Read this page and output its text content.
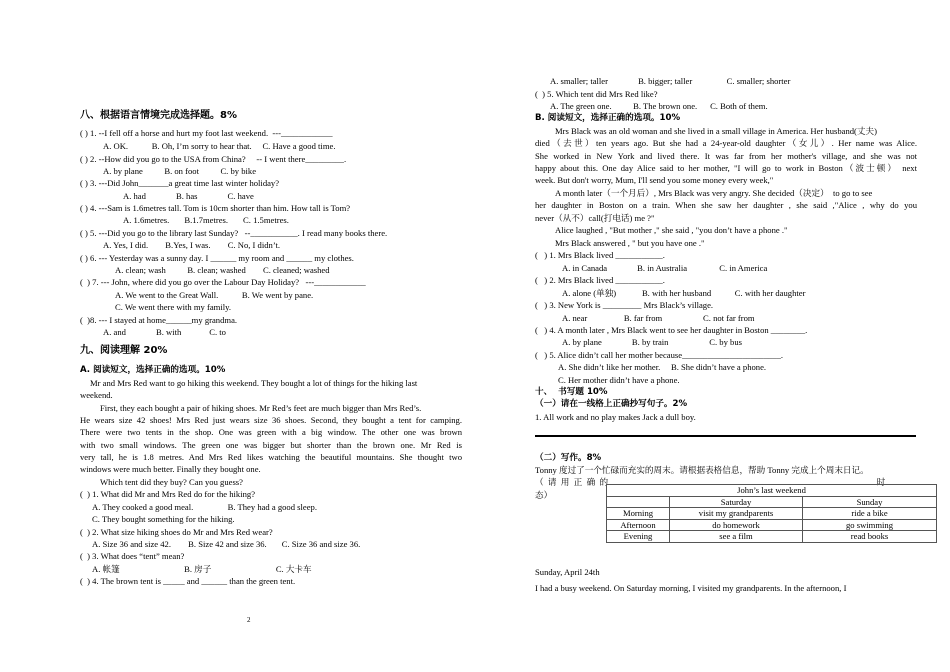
八、根据语言情境完成选择题。8%
( ) 1. --I fell off a horse and hurt my foot last weekend.  ---____________
A. OK.           B. Oh, I’m sorry to hear that.     C. Have a good time.
( ) 2. --How did you go to the USA from China?     -- I went there_________.
A. by plane          B. on foot          C. by bike
( ) 3. ---Did John_______a great time last winter holiday?
A. had              B. has              C. have
( ) 4. ---Sam is 1.6metres tall. Tom is 10cm shorter than him. How tall is Tom?
A. 1.6metres.       B.1.7metres.       C. 1.5metres.
( ) 5. ---Did you go to the library last Sunday?   --___________. I read many books there.
A. Yes, I did.        B.Yes, I was.        C. No, I didn’t.
( ) 6. --- Yesterday was a sunny day. I ______ my room and ______ my clothes.
A. clean; wash          B. clean; washed        C. cleaned; washed
(  ) 7. --- John, where did you go over the Labour Day Holiday?   ---____________
A. We went to the Great Wall.           B. We went by pane.
C. We went there with my family.
(  )8. --- I stayed at home______my grandma.
A. and              B. with             C. to
九、阅读理解 20%
A. 阅读短文，选择正确的选项。10%
Mr and Mrs Red want to go hiking this weekend. They bought a lot of things for the hiking last
weekend.
First, they each bought a pair of hiking shoes. Mr Red’s feet are much bigger than Mrs Red’s.
He wears size 42 shoes! Mrs Red just wears size 36 shoes. Second, they bought a tent for camping.
There were two tents in the shop. One was green with a big window. The other one was brown
with two small windows. The green one was bigger but shorter than the brown one. Mr Red is
very tall, he is 1.8 metres. And Mrs Red likes watching the beautiful mountains. She thought two
windows were much better. Finally they bought one.
Which tent did they buy? Can you guess?
(  ) 1. What did Mr and Mrs Red do for the hiking?
A. They cooked a good meal.                B. They had a good sleep.
C. They bought something for the hiking.
(  ) 2. What size hiking shoes do Mr and Mrs Red wear?
A. Size 36 and size 42.        B. Size 42 and size 36.       C. Size 36 and size 36.
(  ) 3. What does “tent” mean?
A. 帐篷                              B. 房子                              C. 大卡车
(  ) 4. The brown tent is _____ and ______ than the green tent.
A. smaller; taller              B. bigger; taller                C. smaller; shorter
(  ) 5. Which tent did Mrs Red like?
A. The green one.          B. The brown one.      C. Both of them.
B. 阅读短文，选择正确的选项。10%
Mrs Black was an old woman and she lived in a small village in America. Her husband(丈夫)
died（去世）ten years ago. But she had a 24-year-old daughter（女儿）. Her name was Alice.
She worked in New York and lived there. It was far from her mother's village, and she was not
happy about this. One day Alice said to her mother, "I will go to work in Boston（波士顿） next
week. But don't worry, Mum, I'll send you some money every week,"
A month later（一个月后）, Mrs Black was very angry. She decided（决定）  to go to see
her daughter in Boston on a train. When she saw her daughter , she said ,"Alice , why do you
never（从不）call(打电话) me ?"
Alice laughed , "But mother ," she said , "you don’t have a phone ."
Mrs Black answered , " but you have one ."
(   ) 1. Mrs Black lived ___________.
A. in Canada              B. in Australia               C. in America
(   ) 2. Mrs Black lived ___________.
A. alone (单独)            B. with her husband           C. with her daughter
(   ) 3. New York is _________ Mrs Black’s village.
A. near                 B. far from                   C. not far from
(   ) 4. A month later , Mrs Black went to see her daughter in Boston ________.
A. by plane              B. by train                   C. by bus
(   ) 5. Alice didn’t call her mother because_______________________.
A. She didn’t like her mother.     B. She didn’t have a phone.
C. Her mother didn’t have a phone.
十、  书写题 10%
（一）请在一线格上正确抄写句子。2%
1. All work and no play makes Jack a dull boy.
（二）写作。8%
Tonny 度过了一个忙碌而充实的周末。请根据表格信息，帮助 Tonny 完成上个周末日记。
（  请  用  正  确  的                                                                                                                             时
态）
Sunday, April 24th
I had a busy weekend. On Saturday morning, I visited my grandparents. In the afternoon, I
John’s last weekend		
	Saturday	Sunday
Morning	visit my grandparents	ride a bike
Afternoon	do homework	go swimming
Evening	see a film	read books
2
